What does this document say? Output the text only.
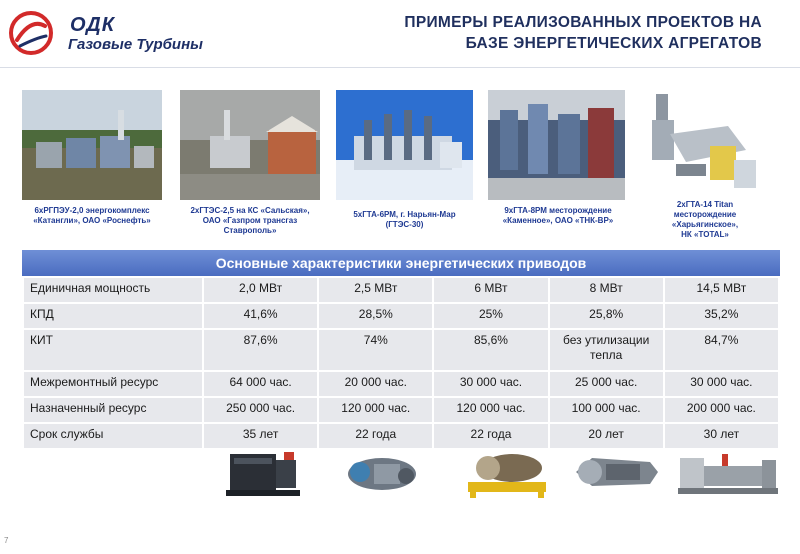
ОДК
Газовые Турбины
ПРИМЕРЫ РЕАЛИЗОВАННЫХ ПРОЕКТОВ НА
БАЗЕ ЭНЕРГЕТИЧЕСКИХ АГРЕГАТОВ
6хРГПЭУ-2,0 энергокомплекс
«Катангли», ОАО «Роснефть»
2хГТЭС-2,5 на КС «Сальская»,
ОАО «Газпром трансгаз
Ставрополь»
5хГТА-6РМ, г. Нарьян-Мар
(ГТЭС-30)
9хГТА-8РМ месторождение
«Каменное», ОАО «ТНК-ВР»
2хГТА-14 Titan
месторождение
«Харьягинское»,
НК «TOTAL»
Основные характеристики энергетических приводов
Единичная мощность	2,0 МВт	2,5 МВт	6 МВт	8 МВт	14,5 МВт
КПД	41,6%	28,5%	25%	25,8%	35,2%
КИТ	87,6%	74%	85,6%	без утилизации тепла	84,7%
Межремонтный ресурс	64 000 час.	20 000 час.	30 000 час.	25 000 час.	30 000 час.
Назначенный ресурс	250 000 час.	120 000 час.	120 000 час.	100 000 час.	200 000 час.
Срок службы	35 лет	22 года	22 года	20 лет	30 лет
7
